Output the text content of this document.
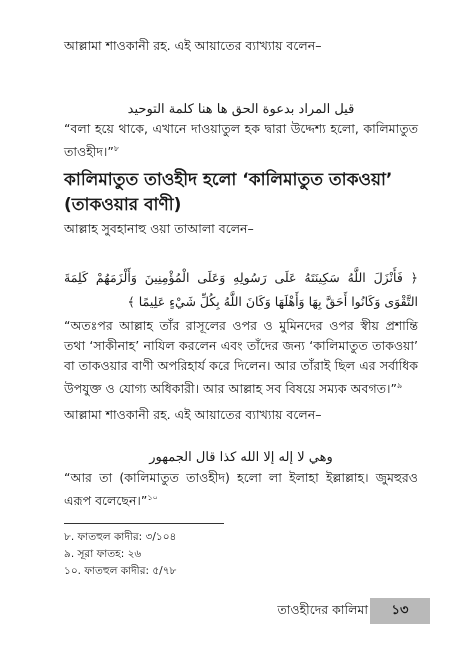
আল্লামা শাওকানী রহ. এই আয়াতের ব্যাখ্যায় বলেন–

قيل المراد بدعوة الحق ها هنا كلمة التوحيد

“বলা হয়ে থাকে, এখানে দাওয়াতুল হক দ্বারা উদ্দেশ্য হলো, কালিমাতুত তাওহীদ।”$^৮$

কালিমাতুত তাওহীদ হলো ‘কালিমাতুত তাকওয়া’ (তাকওয়ার বাণী)

আল্লাহ সুবহানাহু ওয়া তাআলা বলেন–

﴿ فَأَنْزَلَ اللَّهُ سَكِينَتَهُ عَلَى رَسُولِهِ وَعَلَى الْمُؤْمِنِينَ وَأَلْزَمَهُمْ كَلِمَةَ التَّقْوَى وَكَانُوا أَحَقَّ بِهَا وَأَهْلَهَا وَكَانَ اللَّهُ بِكُلِّ شَيْءٍ عَلِيمًا ﴾

“অতঃপর আল্লাহ তাঁর রাসূলের ওপর ও মুমিনদের ওপর স্বীয় প্রশান্তি তথা ‘সাকীনাহ’ নাযিল করলেন এবং তাঁদের জন্য ‘কালিমাতুত তাকওয়া’ বা তাকওয়ার বাণী অপরিহার্য করে দিলেন। আর তাঁরাই ছিল এর সর্বাধিক উপযুক্ত ও যোগ্য অধিকারী। আর আল্লাহ সব বিষয়ে সম্যক অবগত।”$^৯$

আল্লামা শাওকানী রহ. এই আয়াতের ব্যাখ্যায় বলেন–

وهي لا إله إلا الله كذا قال الجمهور

“আর তা (কালিমাতুত তাওহীদ) হলো লা ইলাহা ইল্লাল্লাহ। জুমহুরও এরূপ বলেছেন।”$^{১০}$

৮. ফাতহুল কাদীর: ৩/১০৪

৯. সূরা ফাতহ: ২৬

১০. ফাতহুল কাদীর: ৫/৭৮

তাওহীদের কালিমা	১৩
